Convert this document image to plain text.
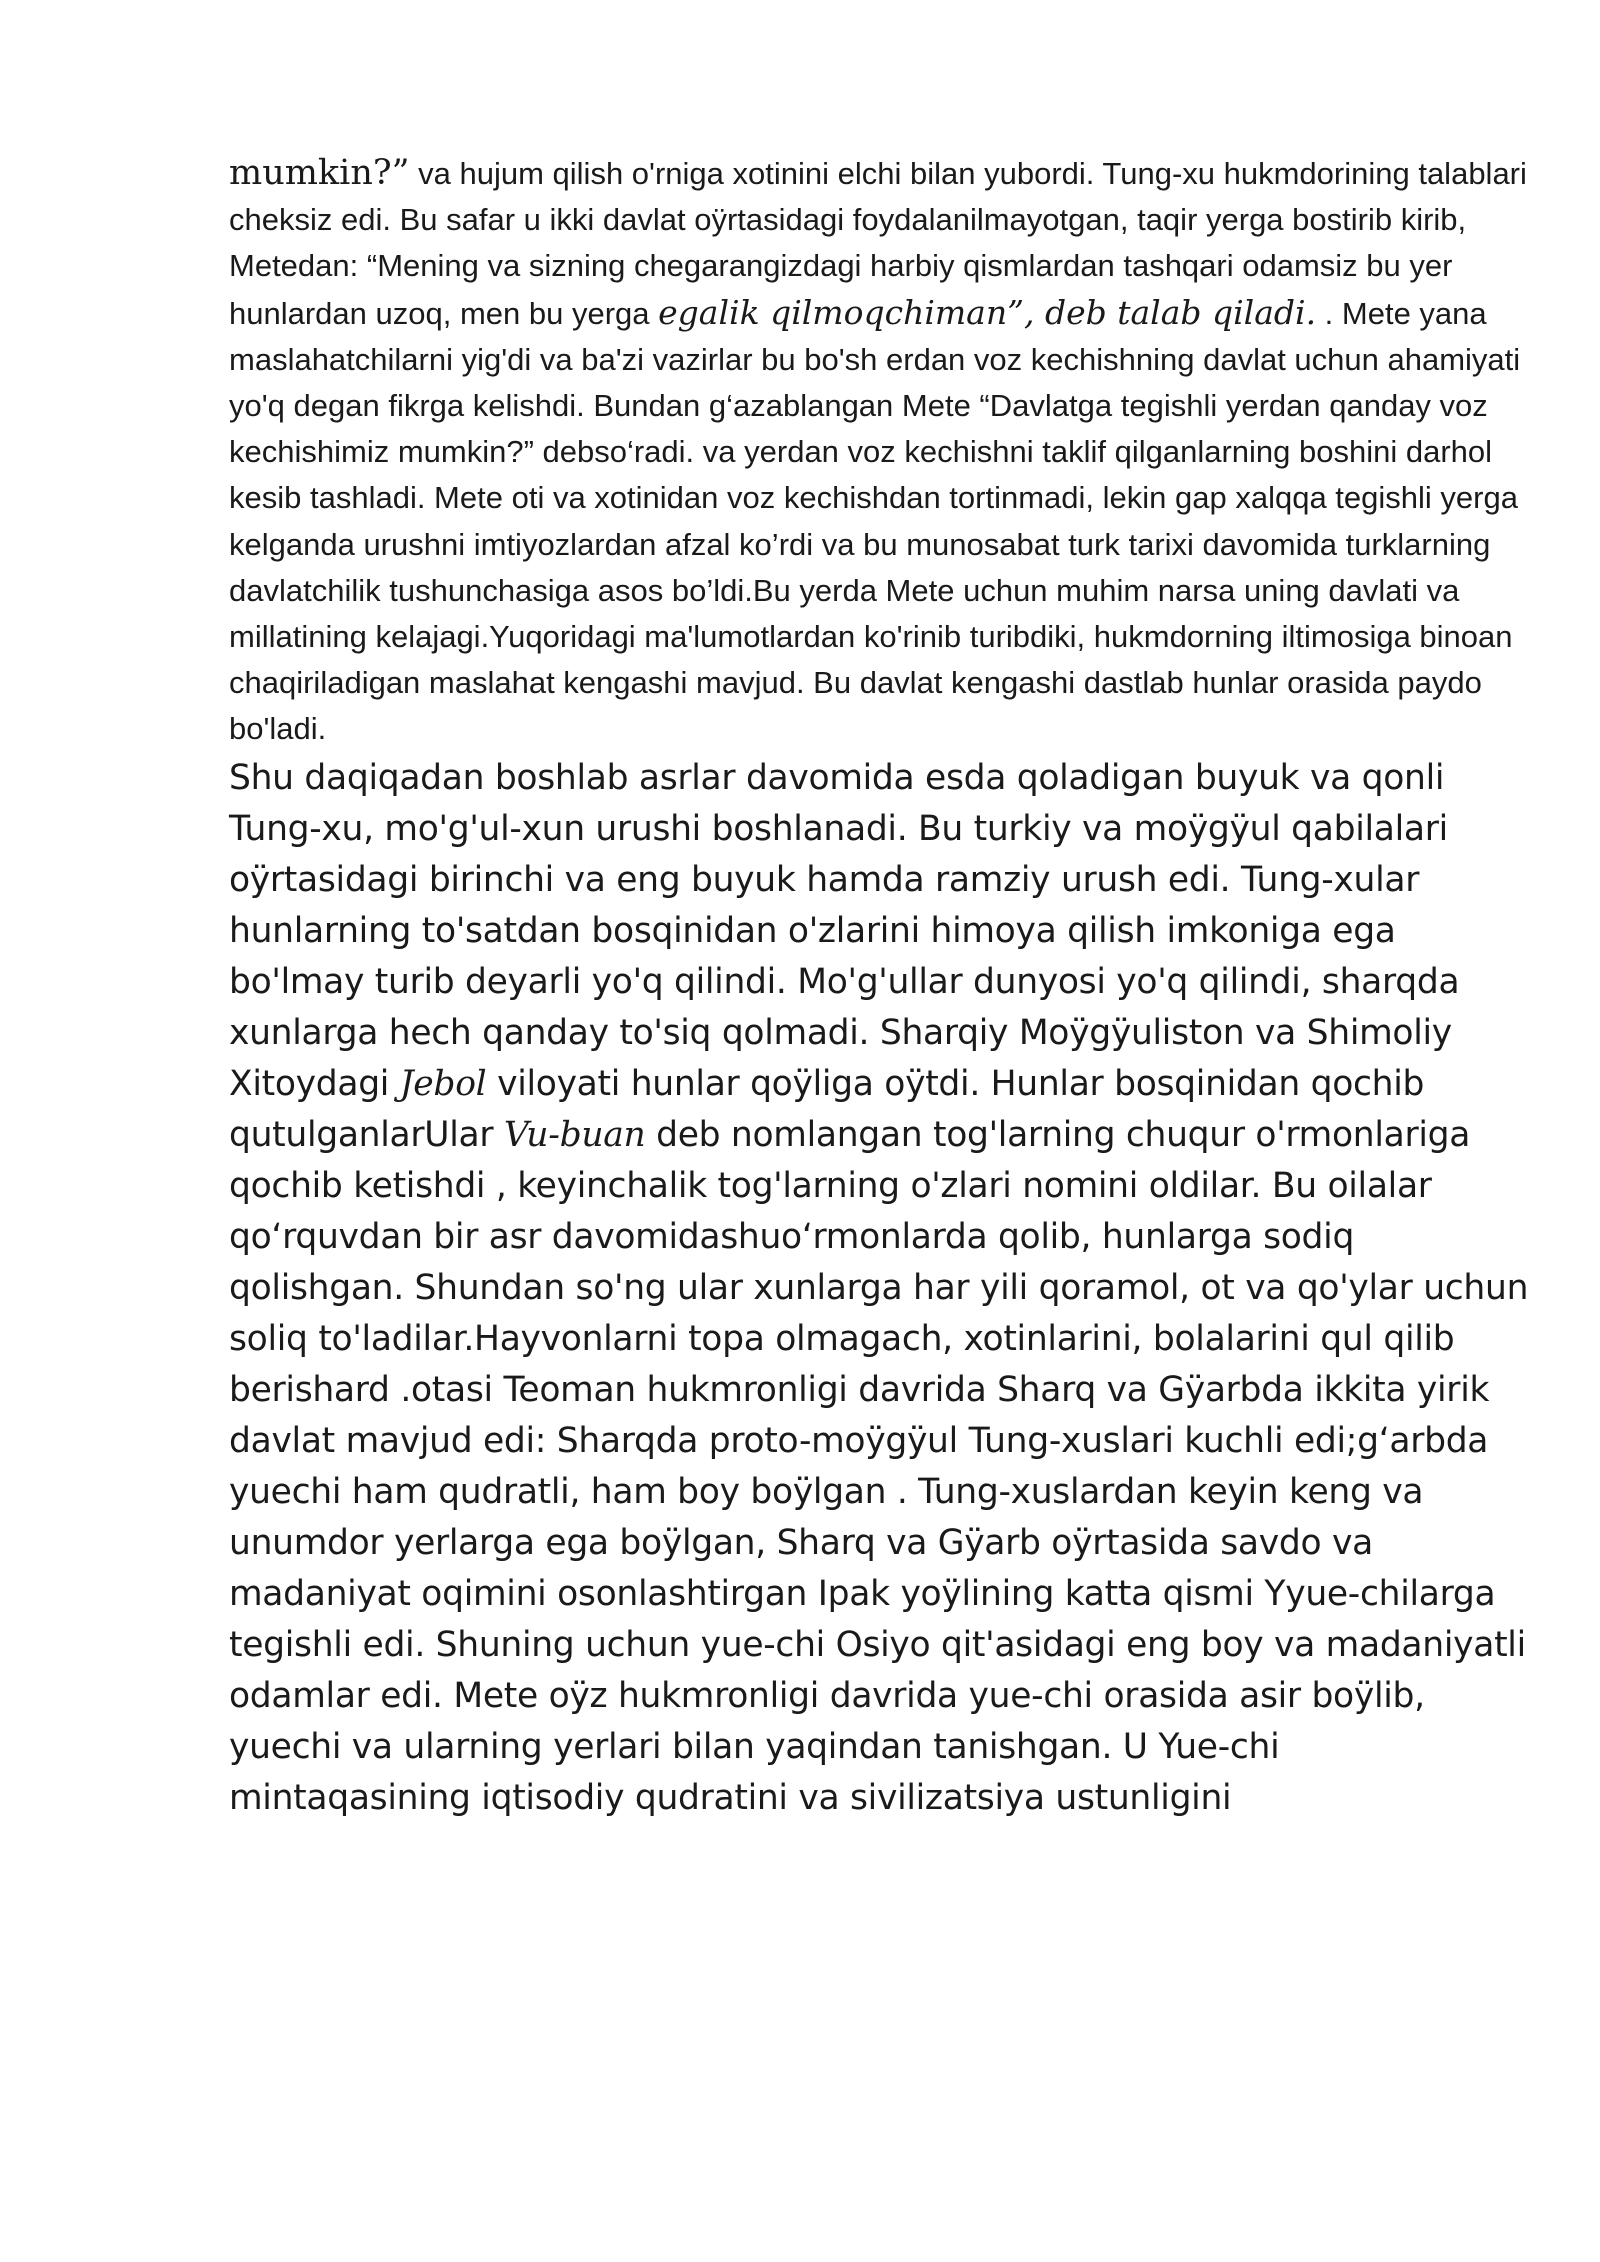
mumkin?” va hujum qilish o'rniga xotinini elchi bilan yubordi. Tung-xu hukmdorining talablari cheksiz edi. Bu safar u ikki davlat oÿrtasidagi foydalanilmayotgan, taqir yerga bostirib kirib, Metedan: “Mening va sizning chegarangizdagi harbiy qismlardan tashqari odamsiz bu yer hunlardan uzoq, men bu yerga egalik qilmoqchiman”, deb talab qiladi. . Mete yana maslahatchilarni yig'di va ba'zi vazirlar bu bo'sh erdan voz kechishning davlat uchun ahamiyati yo'q degan fikrga kelishdi. Bundan g‘azablangan Mete “Davlatga tegishli yerdan qanday voz kechishimiz mumkin?” debso‘radi. va yerdan voz kechishni taklif qilganlarning boshini darhol kesib tashladi. Mete oti va xotinidan voz kechishdan tortinmadi, lekin gap xalqqa tegishli yerga kelganda urushni imtiyozlardan afzal ko’rdi va bu munosabat turk tarixi davomida turklarning davlatchilik tushunchasiga asos bo’ldi.Bu yerda Mete uchun muhim narsa uning davlati va millatining kelajagi.Yuqoridagi ma'lumotlardan ko'rinib turibdiki, hukmdorning iltimosiga binoan chaqiriladigan maslahat kengashi mavjud. Bu davlat kengashi dastlab hunlar orasida paydo bo'ladi.

Shu daqiqadan boshlab asrlar davomida esda qoladigan buyuk va qonli Tung-xu, mo'g'ul-xun urushi boshlanadi. Bu turkiy va moÿgÿul qabilalari oÿrtasidagi birinchi va eng buyuk hamda ramziy urush edi. Tung-xular hunlarning to'satdan bosqinidan o'zlarini himoya qilish imkoniga ega bo'lmay turib deyarli yo'q qilindi. Mo'g'ullar dunyosi yo'q qilindi, sharqda xunlarga hech qanday to'siq qolmadi. Sharqiy Moÿgÿuliston va Shimoliy Xitoydagi Jebol viloyati hunlar qoÿliga oÿtdi. Hunlar bosqinidan qochib qutulganlarUlar Vu-buan deb nomlangan tog'larning chuqur o'rmonlariga qochib ketishdi , keyinchalik tog'larning o'zlari nomini oldilar. Bu oilalar qo‘rquvdan bir asr davomidashuo‘rmonlarda qolib, hunlarga sodiq qolishgan. Shundan so'ng ular xunlarga har yili qoramol, ot va qo'ylar uchun soliq to'ladilar.Hayvonlarni topa olmagach, xotinlarini, bolalarini qul qilib berishard .otasi Teoman hukmronligi davrida Sharq va Gÿarbda ikkita yirik
davlat mavjud edi: Sharqda proto-moÿgÿul Tung-xuslari kuchli edi;g‘arbda
yuechi ham qudratli, ham boy boÿlgan . Tung-xuslardan keyin keng va unumdor yerlarga ega boÿlgan, Sharq va Gÿarb oÿrtasida savdo va madaniyat oqimini osonlashtirgan Ipak yoÿlining katta qismi Yyue-chilarga tegishli edi. Shuning uchun yue-chi Osiyo qit'asidagi eng boy va madaniyatli odamlar edi. Mete oÿz hukmronligi davrida yue-chi orasida asir boÿlib, yuechi va ularning yerlari bilan yaqindan tanishgan. U Yue-chi mintaqasining iqtisodiy qudratini va sivilizatsiya ustunligini
